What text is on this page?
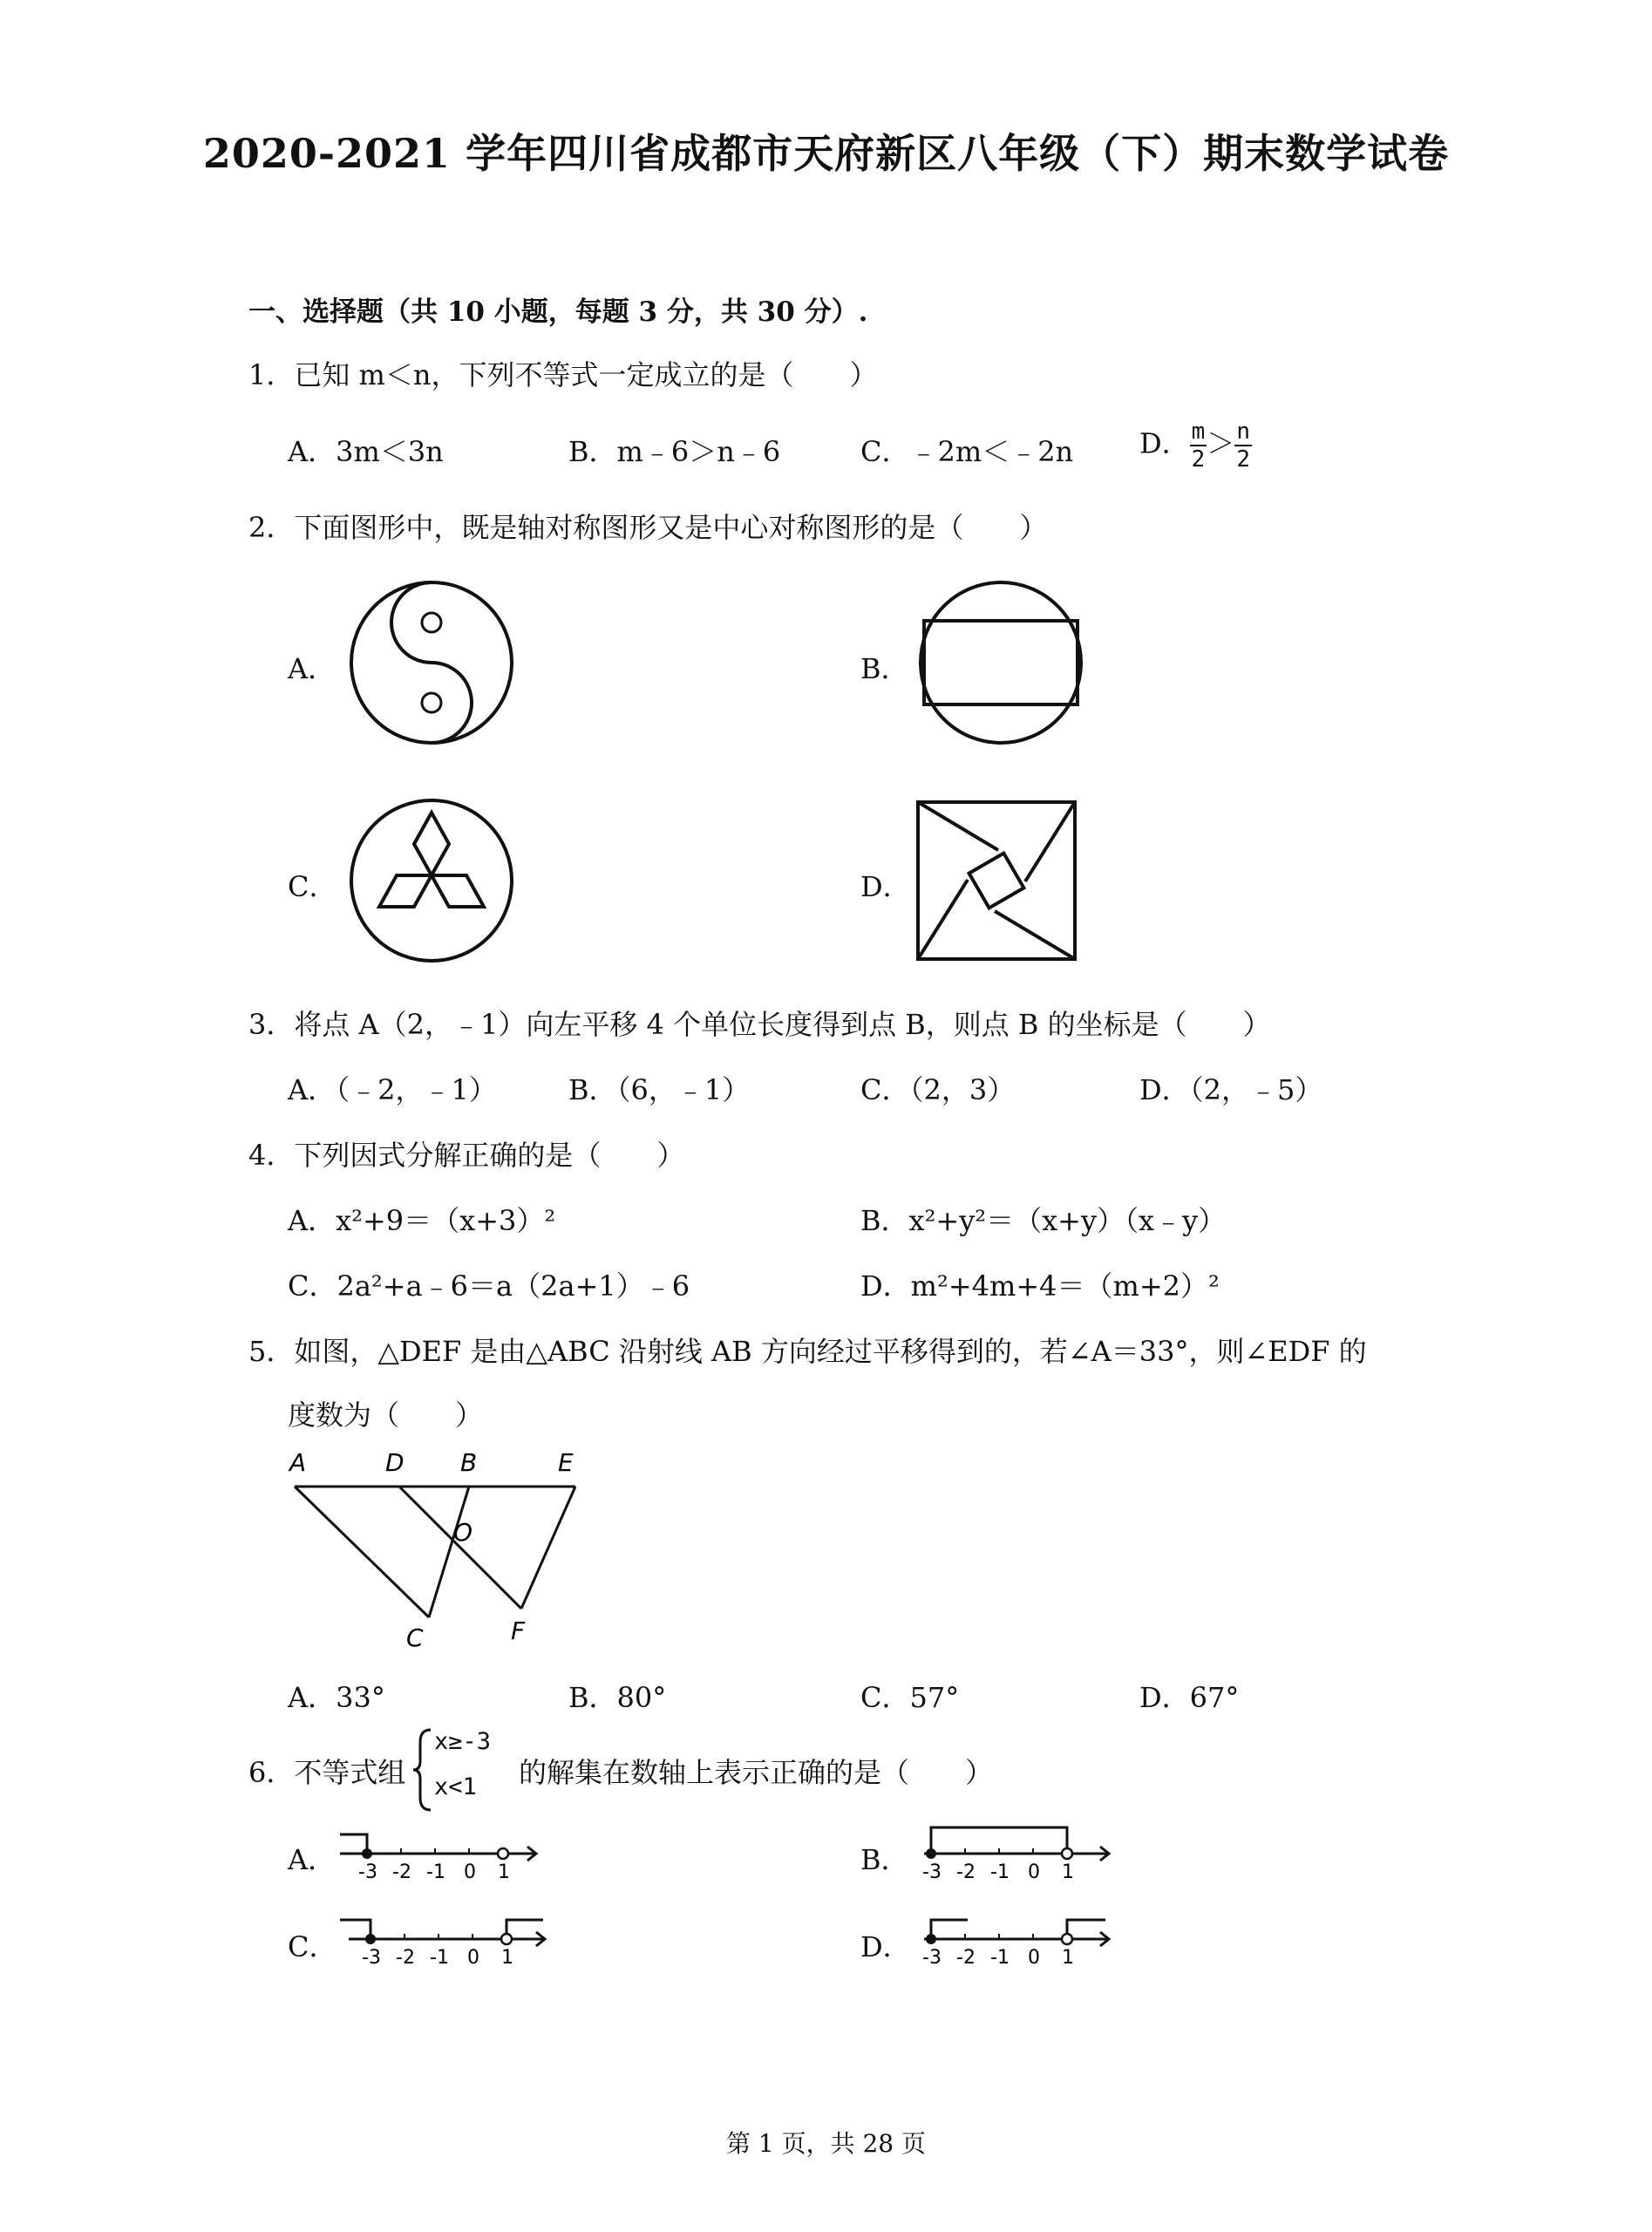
2020-2021 学年四川省成都市天府新区八年级（下）期末数学试卷
一、选择题（共 10 小题，每题 3 分，共 30 分）.
1．已知 m＜n，下列不等式一定成立的是（　　）
A．3m＜3n	B．m﹣6＞n﹣6	C．﹣2m＜﹣2n D． $\frac{m}{2} > \frac{n}{2}$
2．下面图形中，既是轴对称图形又是中心对称图形的是（　　）
A．	B．
C．	D．
3．将点 A（2，﹣1）向左平移 4 个单位长度得到点 B，则点 B 的坐标是（　　）
A．（﹣2，﹣1）	B．（6，﹣1）	C．（2，3）	D．（2，﹣5）
4．下列因式分解正确的是（　　）
A．x²+9＝（x+3）²	B．x²+y²＝（x+y）（x﹣y）
C．2a²+a﹣6＝a（2a+1）﹣6	D．m²+4m+4＝（m+2）²
5．如图，△DEF 是由△ABC 沿射线 AB 方向经过平移得到的，若∠A＝33°，则∠EDF 的
度数为（　　）
A	D B	E
O
C	F
A．33°	B．80°	C．57°	D．67°
6．不等式组
x≥-3
x<1 的解集在数轴上表示正确的是（　　）
A．	B．
C．	D．
-3 -2 -1 0 1	-3 -2 -1 0 1
-3 -2 -1 0 1	-3 -2 -1 0 1
第 1 页，共 28 页
